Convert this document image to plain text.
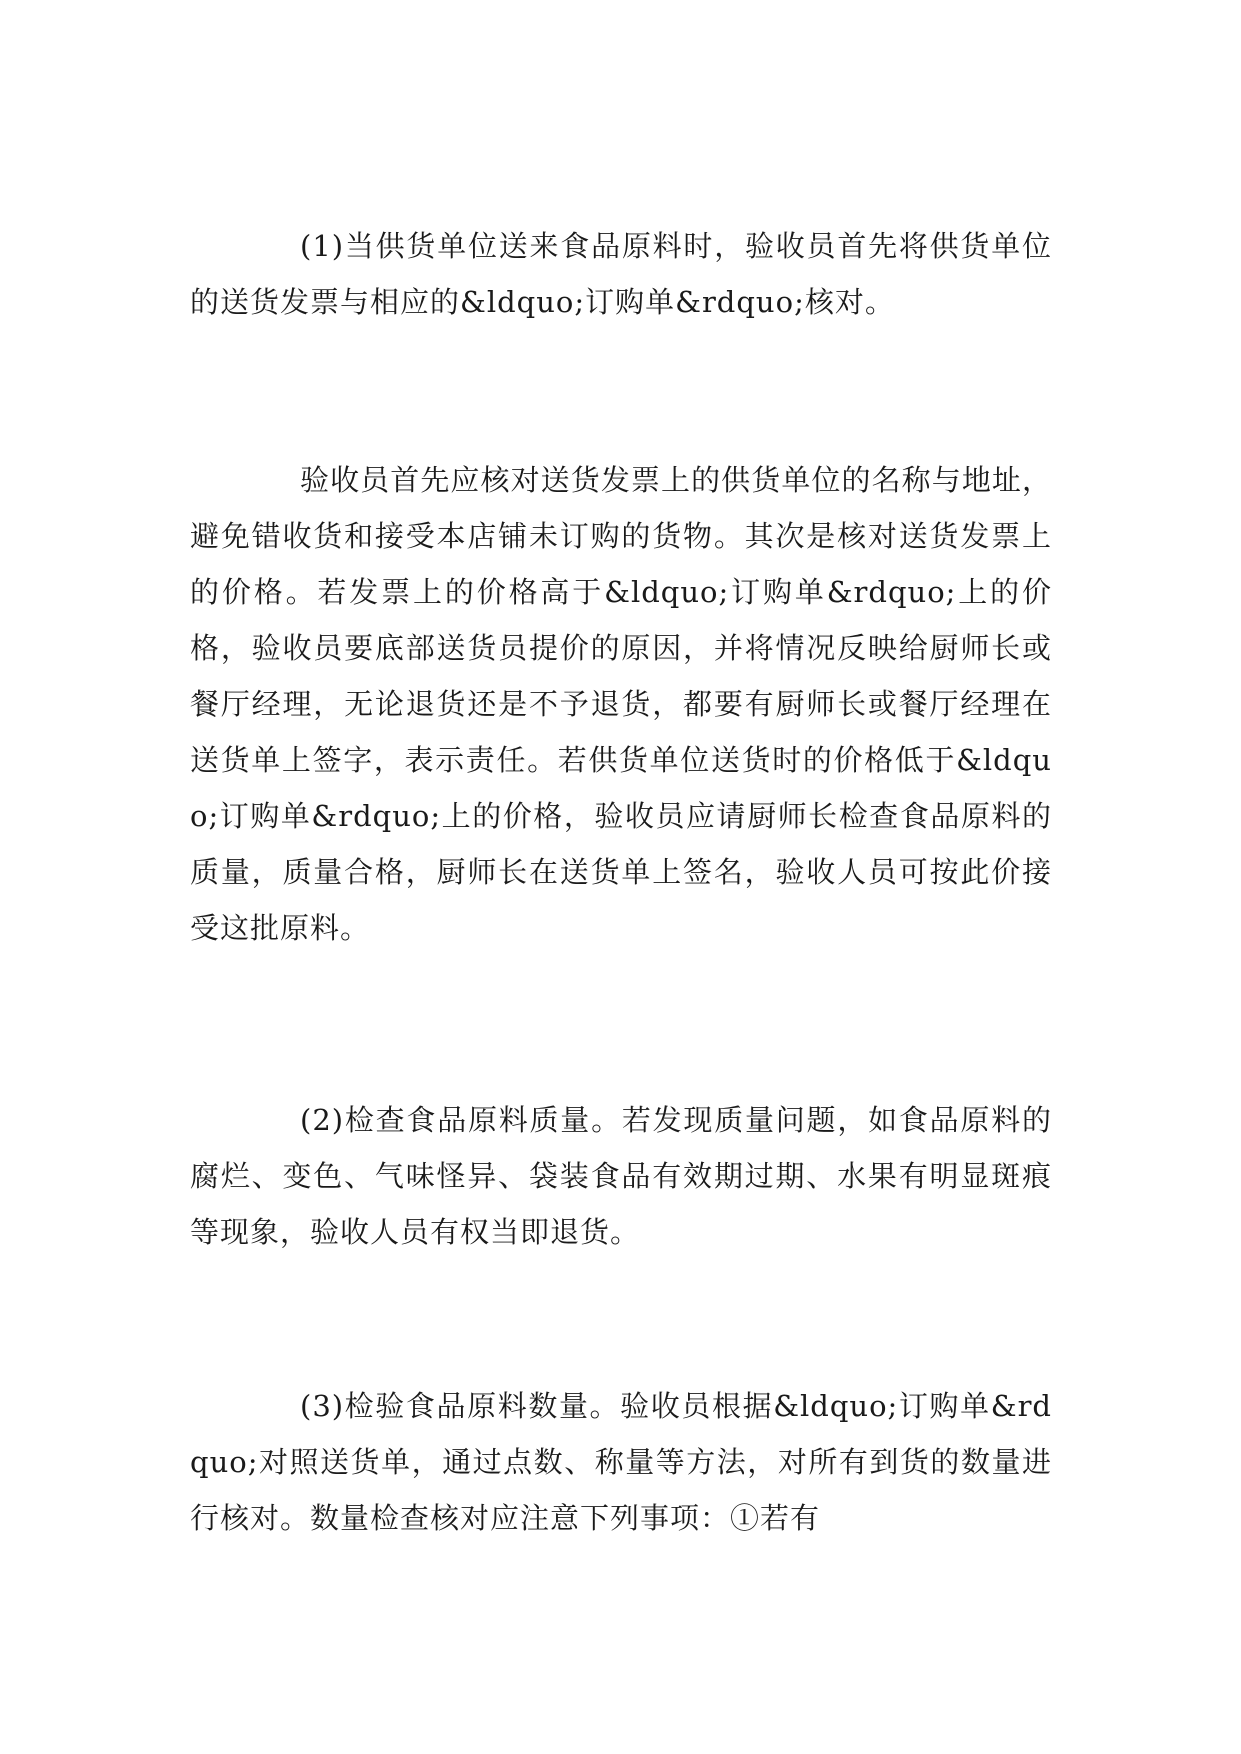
(1)当供货单位送来食品原料时，验收员首先将供货单位的送货发票与相应的&ldquo;订购单&rdquo;核对。

验收员首先应核对送货发票上的供货单位的名称与地址，避免错收货和接受本店铺未订购的货物。其次是核对送货发票上的价格。若发票上的价格高于&ldquo;订购单&rdquo;上的价格，验收员要底部送货员提价的原因，并将情况反映给厨师长或餐厅经理，无论退货还是不予退货，都要有厨师长或餐厅经理在送货单上签字，表示责任。若供货单位送货时的价格低于&ldquo;订购单&rdquo;上的价格，验收员应请厨师长检查食品原料的质量，质量合格，厨师长在送货单上签名，验收人员可按此价接受这批原料。

(2)检查食品原料质量。若发现质量问题，如食品原料的腐烂、变色、气味怪异、袋装食品有效期过期、水果有明显斑痕等现象，验收人员有权当即退货。

(3)检验食品原料数量。验收员根据&ldquo;订购单&rdquo;对照送货单，通过点数、称量等方法，对所有到货的数量进行核对。数量检查核对应注意下列事项：①若有
